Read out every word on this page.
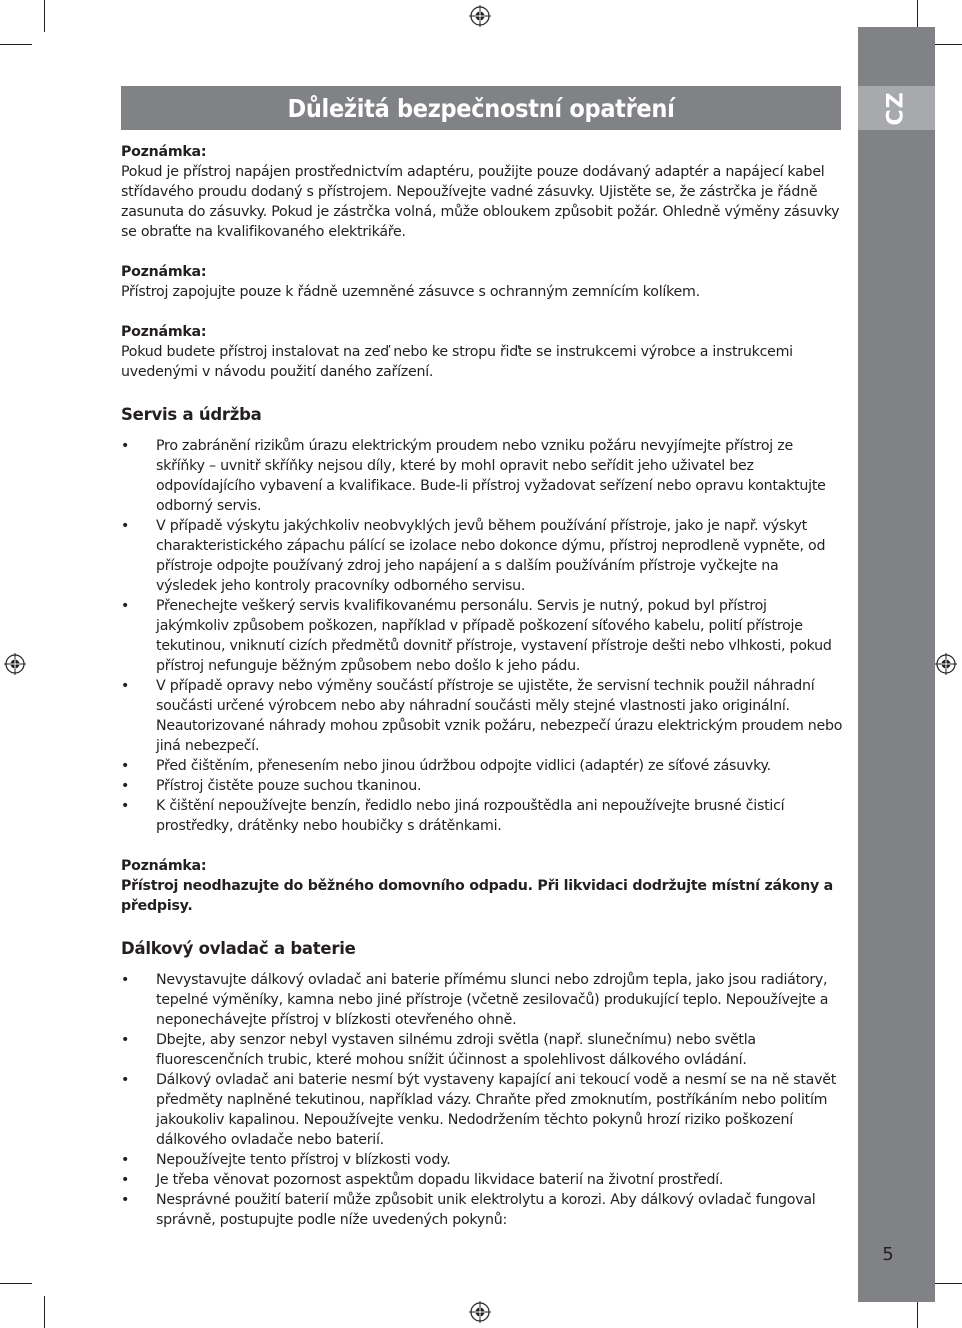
CZ
Důležitá bezpečnostní opatření

Poznámka:

Pokud je přístroj napájen prostřednictvím adaptéru, použijte pouze dodávaný adaptér a napájecí kabel střídavého proudu dodaný s přístrojem. Nepoužívejte vadné zásuvky. Ujistěte se, že zástrčka je řádně zasunuta do zásuvky. Pokud je zástrčka volná, může obloukem způsobit požár. Ohledně výměny zásuvky se obraťte na kvalifikovaného elektrikáře.

Poznámka:

Přístroj zapojujte pouze k řádně uzemněné zásuvce s ochranným zemnícím kolíkem.

Poznámka:

Pokud budete přístroj instalovat na zeď nebo ke stropu řiďte se instrukcemi výrobce a instrukcemi uvedenými v návodu použití daného zařízení.

Servis a údržba
• Pro zabránění rizikům úrazu elektrickým proudem nebo vzniku požáru nevyjímejte přístroj ze skříňky – uvnitř skříňky nejsou díly, které by mohl opravit nebo seřídit jeho uživatel bez odpovídajícího vybavení a kvalifikace. Bude-li přístroj vyžadovat seřízení nebo opravu kontaktujte odborný servis.
• V případě výskytu jakýchkoliv neobvyklých jevů během používání přístroje, jako je např. výskyt charakteristického zápachu pálící se izolace nebo dokonce dýmu, přístroj neprodleně vypněte, od přístroje odpojte používaný zdroj jeho napájení a s dalším používáním přístroje vyčkejte na výsledek jeho kontroly pracovníky odborného servisu.
• Přenechejte veškerý servis kvalifikovanému personálu. Servis je nutný, pokud byl přístroj jakýmkoliv způsobem poškozen, například v případě poškození síťového kabelu, polití přístroje tekutinou, vniknutí cizích předmětů dovnitř přístroje, vystavení přístroje dešti nebo vlhkosti, pokud přístroj nefunguje běžným způsobem nebo došlo k jeho pádu.
• V případě opravy nebo výměny součástí přístroje se ujistěte, že servisní technik použil náhradní součásti určené výrobcem nebo aby náhradní součásti měly stejné vlastnosti jako originální. Neautorizované náhrady mohou způsobit vznik požáru, nebezpečí úrazu elektrickým proudem nebo jiná nebezpečí.
• Před čištěním, přenesením nebo jinou údržbou odpojte vidlici (adaptér) ze síťové zásuvky.
• Přístroj čistěte pouze suchou tkaninou.
• K čištění nepoužívejte benzín, ředidlo nebo jiná rozpouštědla ani nepoužívejte brusné čisticí prostředky, drátěnky nebo houbičky s drátěnkami.

Poznámka:

Přístroj neodhazujte do běžného domovního odpadu. Při likvidaci dodržujte místní zákony a předpisy.

Dálkový ovladač a baterie
• Nevystavujte dálkový ovladač ani baterie přímému slunci nebo zdrojům tepla, jako jsou radiátory, tepelné výměníky, kamna nebo jiné přístroje (včetně zesilovačů) produkující teplo. Nepoužívejte a neponechávejte přístroj v blízkosti otevřeného ohně.
• Dbejte, aby senzor nebyl vystaven silnému zdroji světla (např. slunečnímu) nebo světla fluorescenčních trubic, které mohou snížit účinnost a spolehlivost dálkového ovládání.
• Dálkový ovladač ani baterie nesmí být vystaveny kapající ani tekoucí vodě a nesmí se na ně stavět předměty naplněné tekutinou, například vázy. Chraňte před zmoknutím, postříkáním nebo politím jakoukoliv kapalinou. Nepoužívejte venku. Nedodržením těchto pokynů hrozí riziko poškození dálkového ovladače nebo baterií.
• Nepoužívejte tento přístroj v blízkosti vody.
• Je třeba věnovat pozornost aspektům dopadu likvidace baterií na životní prostředí.
• Nesprávné použití baterií může způsobit unik elektrolytu a korozi. Aby dálkový ovladač fungoval správně, postupujte podle níže uvedených pokynů:
5
